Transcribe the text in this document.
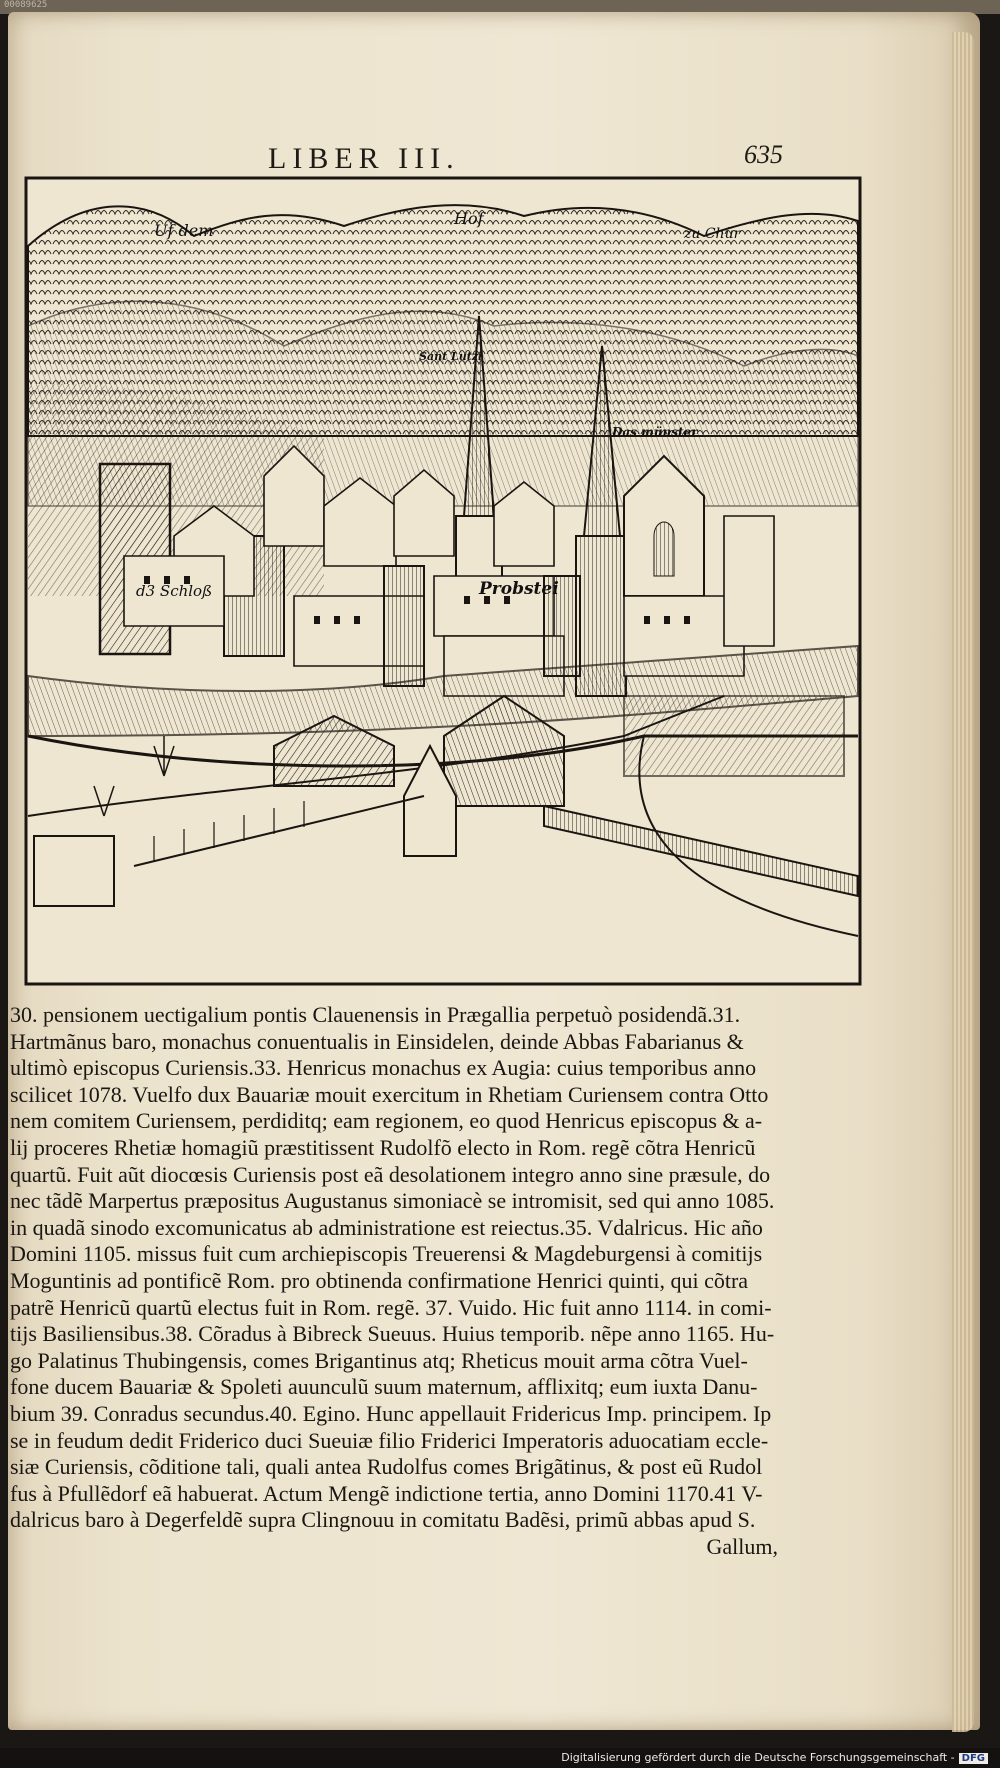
00089625
LIBER III.	635
Uf dem
Hof
zu Chür
Sant Lutzi
Das münster
d3 Schloß	Probstei
30. pensionem uectigalium pontis Clauenensis in Prægallia perpetuò posidendã.31.
Hartmãnus baro, monachus conuentualis in Einsidelen, deinde Abbas Fabarianus &
ultimò episcopus Curiensis.33. Henricus monachus ex Augia: cuius temporibus anno
scilicet 1078. Vuelfo dux Bauariæ mouit exercitum in Rhetiam Curiensem contra Otto
nem comitem Curiensem, perdiditq; eam regionem, eo quod Henricus episcopus & a-
lij proceres Rhetiæ homagiũ præstitissent Rudolfõ electo in Rom. regẽ cõtra Henricũ
quartũ. Fuit aũt diocœsis Curiensis post eã desolationem integro anno sine præsule, do
nec tãdẽ Marpertus præpositus Augustanus simoniacè se intromisit, sed qui anno 1085.
in quadã sinodo excomunicatus ab administratione est reiectus.35. Vdalricus. Hic año
Domini 1105. missus fuit cum archiepiscopis Treuerensi & Magdeburgensi à comitijs
Moguntinis ad pontificẽ Rom. pro obtinenda confirmatione Henrici quinti, qui cõtra
patrẽ Henricũ quartũ electus fuit in Rom. regẽ. 37. Vuido. Hic fuit anno 1114. in comi-
tijs Basiliensibus.38. Cõradus à Bibreck Sueuus. Huius temporib. nẽpe anno 1165. Hu-
go Palatinus Thubingensis, comes Brigantinus atq; Rheticus mouit arma cõtra Vuel-
fone ducem Bauariæ & Spoleti auunculũ suum maternum, afflixitq; eum iuxta Danu-
bium 39. Conradus secundus.40. Egino. Hunc appellauit Fridericus Imp. principem. Ip
se in feudum dedit Friderico duci Sueuiæ filio Friderici Imperatoris aduocatiam eccle-
siæ Curiensis, cõditione tali, quali antea Rudolfus comes Brigãtinus, & post eũ Rudol
fus à Pfullẽdorf eã habuerat. Actum Mengẽ indictione tertia, anno Domini 1170.41 V-
dalricus baro à Degerfeldẽ supra Clingnouu in comitatu Badẽsi, primũ abbas apud S.
Gallum,
Digitalisierung gefördert durch die Deutsche Forschungsgemeinschaft - DFG
